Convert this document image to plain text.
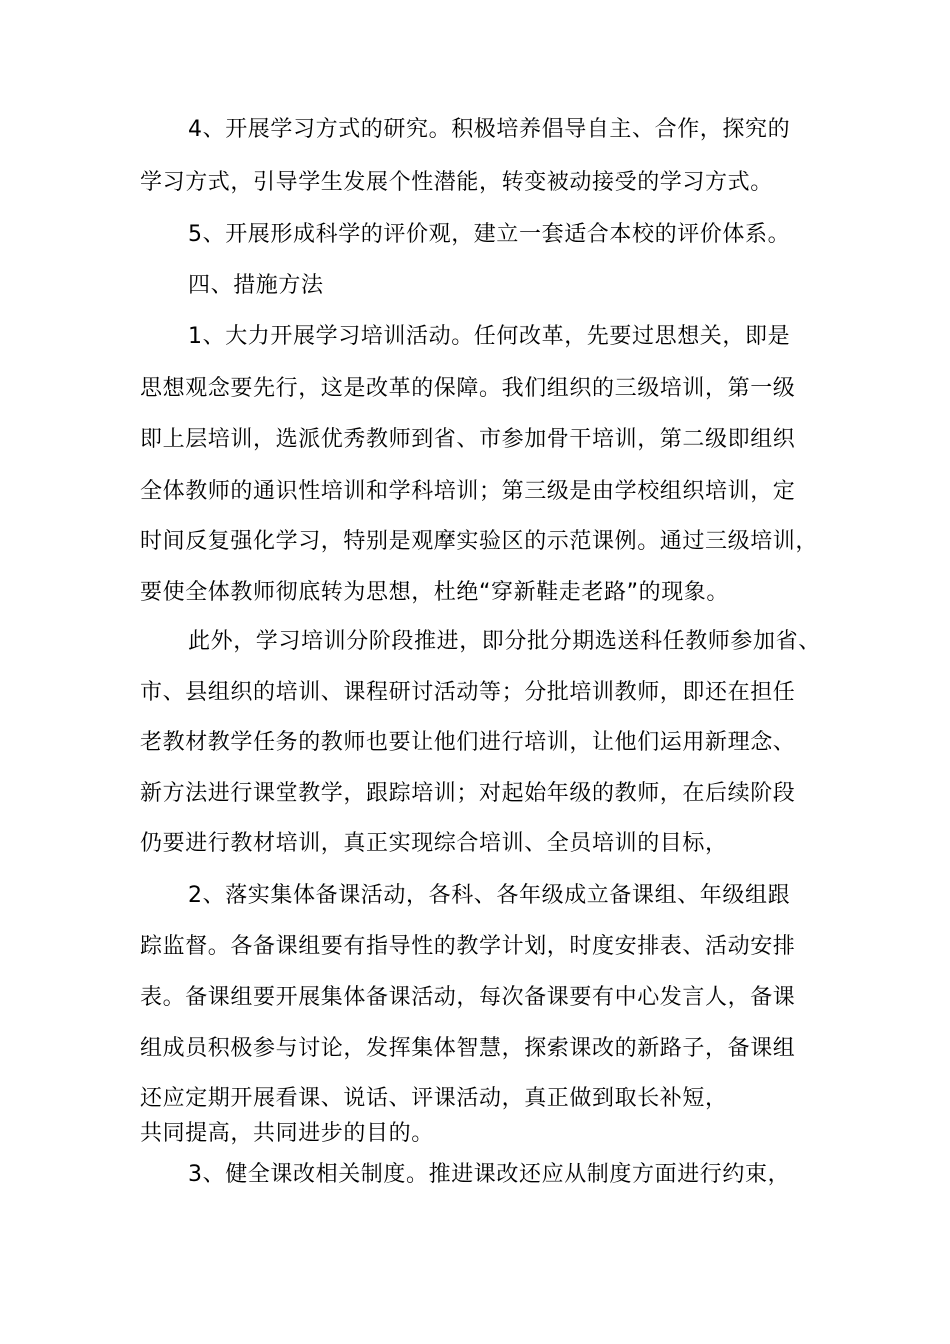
4、开展学习方式的研究。积极培养倡导自主、合作，探究的
学习方式，引导学生发展个性潜能，转变被动接受的学习方式。
5、开展形成科学的评价观，建立一套适合本校的评价体系。
四、措施方法
1、大力开展学习培训活动。任何改革，先要过思想关，即是
思想观念要先行，这是改革的保障。我们组织的三级培训，第一级
即上层培训，选派优秀教师到省、市参加骨干培训，第二级即组织
全体教师的通识性培训和学科培训；第三级是由学校组织培训，定
时间反复强化学习，特别是观摩实验区的示范课例。通过三级培训，
要使全体教师彻底转为思想，杜绝“穿新鞋走老路”的现象。
此外，学习培训分阶段推进，即分批分期选送科任教师参加省、
市、县组织的培训、课程研讨活动等；分批培训教师，即还在担任
老教材教学任务的教师也要让他们进行培训，让他们运用新理念、
新方法进行课堂教学，跟踪培训；对起始年级的教师，在后续阶段
仍要进行教材培训，真正实现综合培训、全员培训的目标，
2、落实集体备课活动，各科、各年级成立备课组、年级组跟
踪监督。各备课组要有指导性的教学计划，时度安排表、活动安排
表。备课组要开展集体备课活动，每次备课要有中心发言人，备课
组成员积极参与讨论，发挥集体智慧，探索课改的新路子，备课组
还应定期开展看课、说话、评课活动，真正做到取长补短，
共同提高，共同进步的目的。
3、健全课改相关制度。推进课改还应从制度方面进行约束，
